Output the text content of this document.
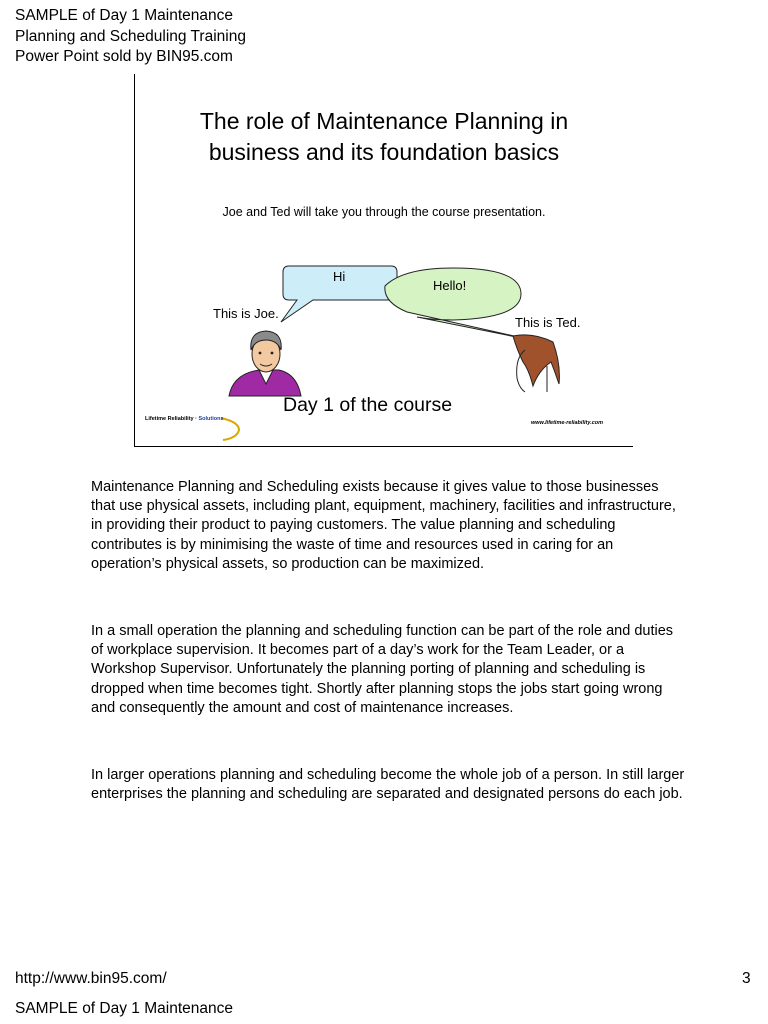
SAMPLE of Day 1 Maintenance
Planning and Scheduling Training
Power Point sold by BIN95.com
The role of Maintenance Planning in
business and its foundation basics
Joe and Ted will take you through the course presentation.
Hi
Hello!
This is Joe.
This is Ted.
Day 1 of the course
Lifetime Reliability · Solutions
www.lifetime-reliability.com
Maintenance Planning and Scheduling exists because it gives value to those businesses that use physical assets, including plant, equipment, machinery, facilities and infrastructure, in providing their product to paying customers. The value planning and scheduling contributes is by minimising the waste of time and resources used in caring for an operation’s physical assets, so production can be maximized.
In a small operation the planning and scheduling function can be part of the role and duties of workplace supervision. It becomes part of a day’s work for the Team Leader, or a Workshop Supervisor. Unfortunately the planning porting of planning and scheduling is dropped when time becomes tight. Shortly after planning stops the jobs start going wrong and consequently the amount and cost of maintenance increases.
In larger operations planning and scheduling become the whole job of a person. In still larger enterprises the planning and scheduling are separated and designated persons do each job.
http://www.bin95.com/	3
SAMPLE of Day 1 Maintenance
